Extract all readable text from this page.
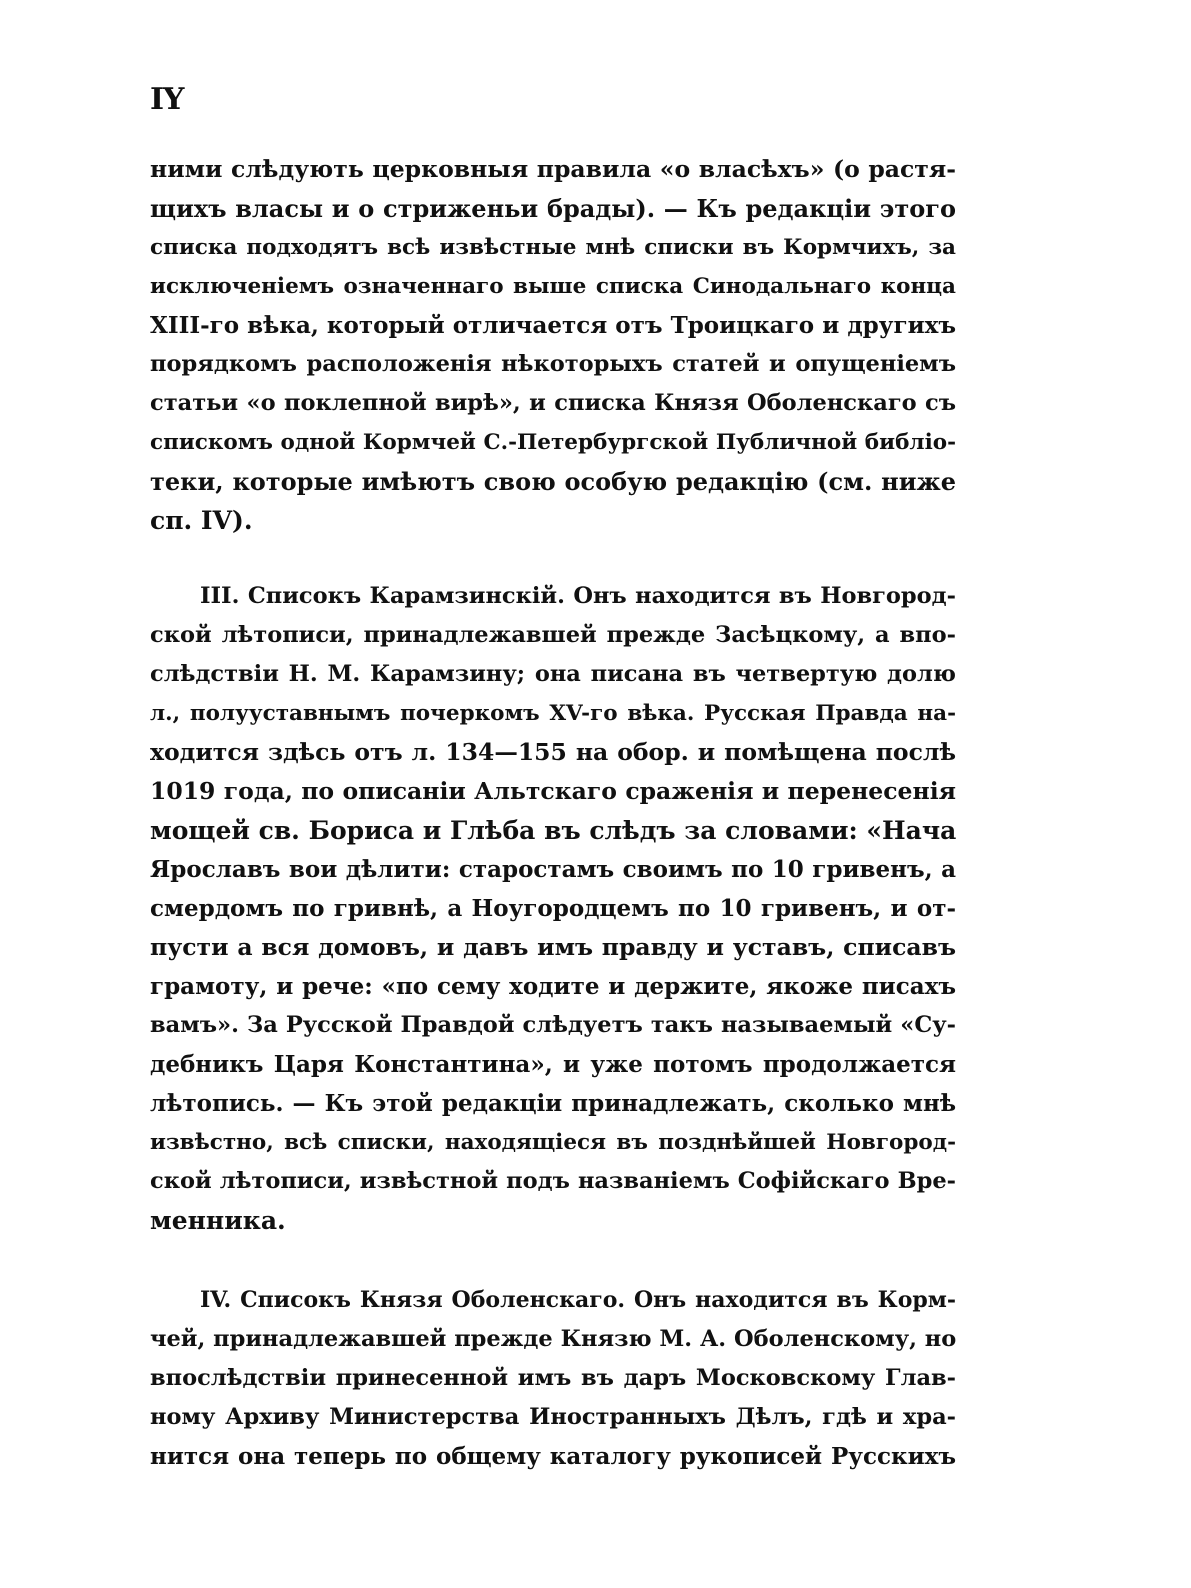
IY
ними слѣдують церковныя правила «о власѣхъ» (о растя-
щихъ власы и о стриженьи брады). — Къ редакціи этого
списка подходятъ всѣ извѣстные мнѣ списки въ Кормчихъ, за
исключеніемъ означеннаго выше списка Синодальнаго конца
XIII-го вѣка, который отличается отъ Троицкаго и другихъ
порядкомъ расположенія нѣкоторыхъ статей и опущеніемъ
статьи «о поклепной вирѣ», и списка Князя Оболенскаго съ
спискомъ одной Кормчей С.-Петербургской Публичной библіо-
теки, которые имѣютъ свою особую редакцію (см. ниже
сп. IV).
III. Списокъ Карамзинскій. Онъ находится въ Новгород-
ской лѣтописи, принадлежавшей прежде Засѣцкому, а впо-
слѣдствіи Н. М. Карамзину; она писана въ четвертую долю
л., полууставнымъ почеркомъ XV-го вѣка. Русская Правда на-
ходится здѣсь отъ л. 134—155 на обор. и помѣщена послѣ
1019 года, по описаніи Альтскаго сраженія и перенесенія
мощей св. Бориса и Глѣба въ слѣдъ за словами: «Нача
Ярославъ вои дѣлити: старостамъ своимъ по 10 гривенъ, а
смердомъ по гривнѣ, а Ноугородцемъ по 10 гривенъ, и от-
пусти а вся домовъ, и давъ имъ правду и уставъ, списавъ
грамоту, и рече: «по сему ходите и держите, якоже писахъ
вамъ». За Русской Правдой слѣдуетъ такъ называемый «Су-
дебникъ Царя Константина», и уже потомъ продолжается
лѣтопись. — Къ этой редакціи принадлежать, сколько мнѣ
извѣстно, всѣ списки, находящіеся въ позднѣйшей Новгород-
ской лѣтописи, извѣстной подъ названіемъ Софійскаго Вре-
менника.
IV. Списокъ Князя Оболенскаго. Онъ находится въ Корм-
чей, принадлежавшей прежде Князю М. А. Оболенскому, но
впослѣдствіи принесенной имъ въ даръ Московскому Глав-
ному Архиву Министерства Иностранныхъ Дѣлъ, гдѣ и хра-
нится она теперь по общему каталогу рукописей Русскихъ
